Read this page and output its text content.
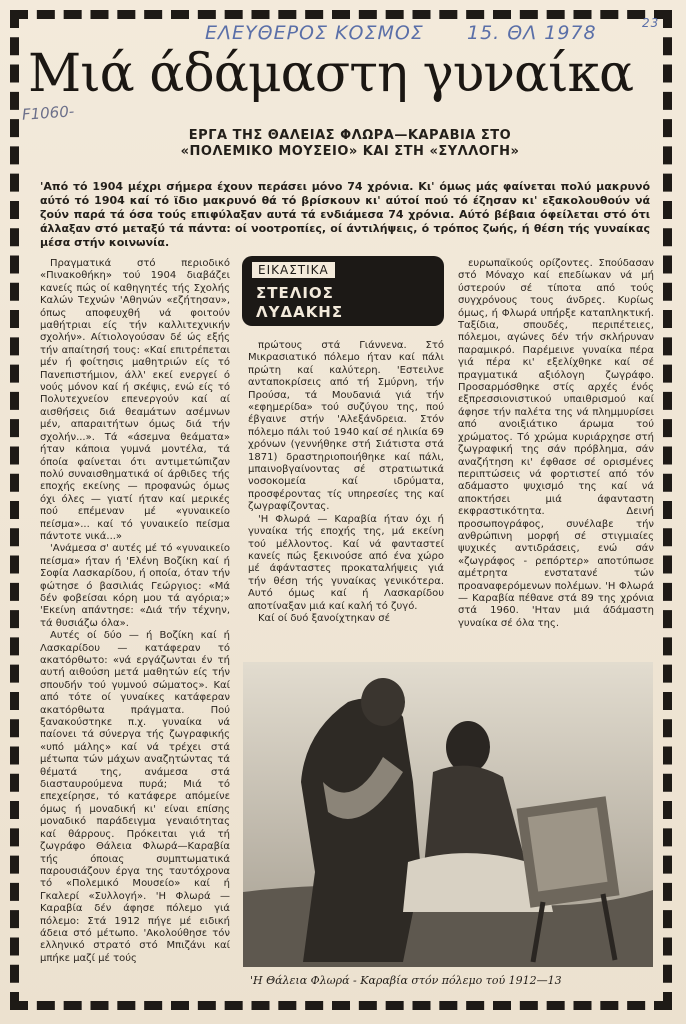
ΕΛΕΥΘΕΡΟΣ ΚΟΣΜΟΣ 15. ΘΛ 1978	23
Μιά άδάμαστη γυναίκα
F1060-
ΕΡΓΑ ΤΗΣ ΘΑΛΕΙΑΣ ΦΛΩΡΑ—ΚΑΡΑΒΙΑ ΣΤΟ
«ΠΟΛΕΜΙΚΟ ΜΟΥΣΕΙΟ» ΚΑΙ ΣΤΗ «ΣΥΛΛΟΓΗ»
'Από τό 1904 μέχρι σήμερα έχουν περάσει μόνο 74 χρόνια. Κι' όμως μάς φαίνεται πολύ μακρυνό αύτό τό 1904 καί τό ϊδιο μακρυνό θά τό βρίσκουν κι' αύτοί πού τό έζησαν κι' εξακολουθούν νά ζούν παρά τά όσα τούς επιφύλαξαν αυτά τά ενδιάμεσα 74 χρόνια. Αύτό βέβαια όφείλεται στό ότι άλλαξαν στό μεταξύ τά πάντα: οί νοοτροπίες, οί άντιλήψεις, ό τρόπος ζωής, ή θέση τής γυναίκας μέσα στήν κοινωνία.

Πραγματικά στό περιοδικό «Πινακοθήκη» τού 1904 διαβάζει κανείς πώς οί καθηγητές τής Σχολής Καλών Τεχνών 'Αθηνών «εζήτησαν», όπως αποφευχθή νά φοιτούν μαθήτριαι είς τήν καλλιτεχνικήν σχολήν». Αίτιολογούσαν δέ ώς εξής τήν απαίτησή τους: «Καί επιτρέπεται μέν ή φοίτησις μαθητριών είς τό Πανεπιστήμιον, άλλ' εκεί ενεργεί ό νούς μόνον καί ή σκέψις, ενώ είς τό Πολυτεχνείον επενεργούν καί αί αισθήσεις διά θεαμάτων ασέμνων μέν, απαραιτήτων όμως διά τήν σχολήν...». Τά «άσεμνα θεάματα» ήταν κάποια γυμνά μοντέλα, τά όποία φαίνεται ότι αντιμετώπιζαν πολύ συναισθηματικά οί άρθιδες τής εποχής εκείνης — προφανώς όμως όχι όλες — γιατί ήταν καί μερικές πού επέμεναν μέ «γυναικείο πείσμα»... καί τό γυναικείο πείσμα πάντοτε νικά...»

'Ανάμεσα σ' αυτές μέ τό «γυναικείο πείσμα» ήταν ή 'Ελένη Βοζίκη καί ή Σοφία Λασκαρίδου, ή οποία, όταν τήν φώτησε ό βασιλιάς Γεώργιος: «Μά δέν φοβείσαι κόρη μου τά αγόρια;» 'Εκείνη απάντησε: «Διά τήν τέχνην, τά θυσιάζω όλα».

Αυτές οί δύο — ή Βοζίκη καί ή Λασκαρίδου — κατάφεραν τό ακατόρθωτο: «νά εργάζωνται έν τή αυτή αιθούση μετά μαθητών είς τήν σπουδήν τού γυμνού σώματος». Καί από τότε οί γυναίκες κατάφεραν ακατόρθωτα πράγματα. Πού ξανακούστηκε π.χ. γυναίκα νά παίονει τά σύνεργα τής ζωγραφικής «υπό μάλης» καί νά τρέχει στά μέτωπα τών μάχων αναζητώντας τά θέματά της, ανάμεσα στά διασταυρούμενα πυρά; Μιά τό επεχείρησε, τό κατάφερε απόμείνε όμως ή μοναδική κι' είναι επίσης μοναδικό παράδειγμα γεναιότητας καί θάρρους. Πρόκειται γιά τή ζωγράφο Θάλεια Φλωρά—Καραβία τής όποιας συμπτωματικά παρουσιάζουν έργα της ταυτόχρονα τό «Πολεμικό Μουσείο» καί ή Γκαλερί «Συλλογή». 'Η Φλωρά — Καραβία δέν άφησε πόλεμο γιά πόλεμο: Στά 1912 πήγε μέ ειδική άδεια στό μέτωπο. 'Ακολούθησε τόν ελληνικό στρατό στό Μπιζάνι καί μπήκε μαζί μέ τούς

ΕΙΚΑΣΤΙΚΑ
ΣΤΕΛΙΟΣ
ΛΥΔΑΚΗΣ

πρώτους στά Γιάννενα. Στό Μικρασιατικό πόλεμο ήταν καί πάλι πρώτη καί καλύτερη. 'Εστειλνε ανταποκρίσεις από τή Σμύρνη, τήν Προύσα, τά Μουδανιά γιά τήν «εφημερίδα» τού συζύγου της, πού έβγαινε στήν 'Αλεξάνδρεια. Στόν πόλεμο πάλι τού 1940 καί σέ ηλικία 69 χρόνων (γεννήθηκε στή Σιάτιστα στά 1871) δραστηριοποιήθηκε καί πάλι, μπαινοβγαίνοντας σέ στρατιωτικά νοσοκομεία καί ιδρύματα, προσφέροντας τίς υπηρεσίες της καί ζωγραφίζοντας.

'Η Φλωρά — Καραβία ήταν όχι ή γυναίκα τής εποχής της, μά εκείνη τού μέλλοντος. Καί νά φανταστεί κανείς πώς ξεκινούσε από ένα χώρο μέ άφάνταστες προκαταλήψεις γιά τήν θέση τής γυναίκας γενικότερα. Αυτό όμως καί ή Λασκαρίδου αποτίναξαν μιά καί καλή τό ζυγό.

Καί οί δυό ξανοίχτηκαν σέ

ευρωπαϊκούς ορίζοντες. Σπούδασαν στό Μόναχο καί επεδίωκαν νά μή ύστερούν σέ τίποτα από τούς συγχρόνους τους άνδρες. Κυρίως όμως, ή Φλωρά υπήρξε καταπληκτική. Ταξίδια, σπουδές, περιπέτειες, πόλεμοι, αγώνες δέν τήν σκλήρυναν παραμικρό. Παρέμεινε γυναίκα πέρα γιά πέρα κι' εξελίχθηκε καί σέ πραγματικά αξιόλογη ζωγράφο. Προσαρμόσθηκε στίς αρχές ένός εξπρεσσιονιστικού υπαιθρισμού καί άφησε τήν παλέτα της νά πλημμυρίσει από ανοιξιάτικο άρωμα τού χρώματος. Τό χρώμα κυριάρχησε στή ζωγραφική της σάν πρόβλημα, σάν αναζήτηση κι' έφθασε σέ ορισμένες περιπτώσεις νά φορτιστεί από τόν αδάμαστο ψυχισμό της καί νά αποκτήσει μιά άφανταστη εκφραστικότητα. Δεινή προσωπογράφος, συνέλαβε τήν ανθρώπινη μορφή σέ στιγμιαίες ψυχικές αντιδράσεις, ενώ σάν «ζωγράφος - ρεπόρτερ» αποτύπωσε αμέτρητα ενστατανέ τών προαναφερόμενων πολέμων. 'Η Φλωρά — Καραβία πέθανε στά 89 της χρόνια στά 1960. 'Ηταν μιά άδάμαστη γυναίκα σέ όλα της.

'Η Θάλεια Φλωρά - Καραβία στόν πόλεμο τού 1912—13
